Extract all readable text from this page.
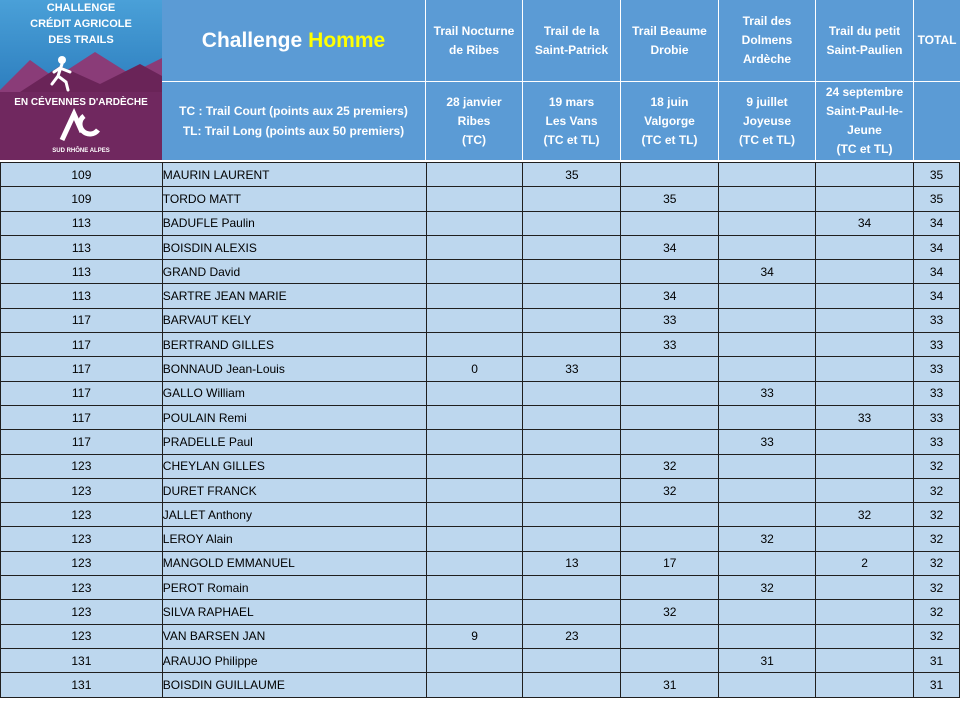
CHALLENGE
CRÉDIT AGRICOLE
DES TRAILS
EN CÉVENNES D'ARDÈCHE
SUD RHÔNE ALPES
Challenge Homme
TC : Trail Court (points aux 25 premiers)
TL: Trail Long (points aux 50 premiers)
Trail Nocturne de Ribes
28 janvier
Ribes
(TC)
Trail de la Saint-Patrick
19 mars
Les Vans
(TC et TL)
Trail Beaume Drobie
18 juin
Valgorge
(TC et TL)
Trail des Dolmens Ardèche
9 juillet
Joyeuse
(TC et TL)
Trail du petit Saint-Paulien
24 septembre
Saint-Paul-le-Jeune
(TC et TL)
TOTAL
109	MAURIN LAURENT		35				35
109	TORDO MATT			35			35
113	BADUFLE Paulin					34	34
113	BOISDIN ALEXIS			34			34
113	GRAND David				34		34
113	SARTRE JEAN MARIE			34			34
117	BARVAUT KELY			33			33
117	BERTRAND GILLES			33			33
117	BONNAUD Jean-Louis	0	33				33
117	GALLO William				33		33
117	POULAIN Remi					33	33
117	PRADELLE Paul				33		33
123	CHEYLAN GILLES			32			32
123	DURET FRANCK			32			32
123	JALLET Anthony					32	32
123	LEROY Alain				32		32
123	MANGOLD EMMANUEL		13	17		2	32
123	PEROT Romain				32		32
123	SILVA RAPHAEL			32			32
123	VAN BARSEN JAN	9	23				32
131	ARAUJO Philippe				31		31
131	BOISDIN GUILLAUME			31			31
